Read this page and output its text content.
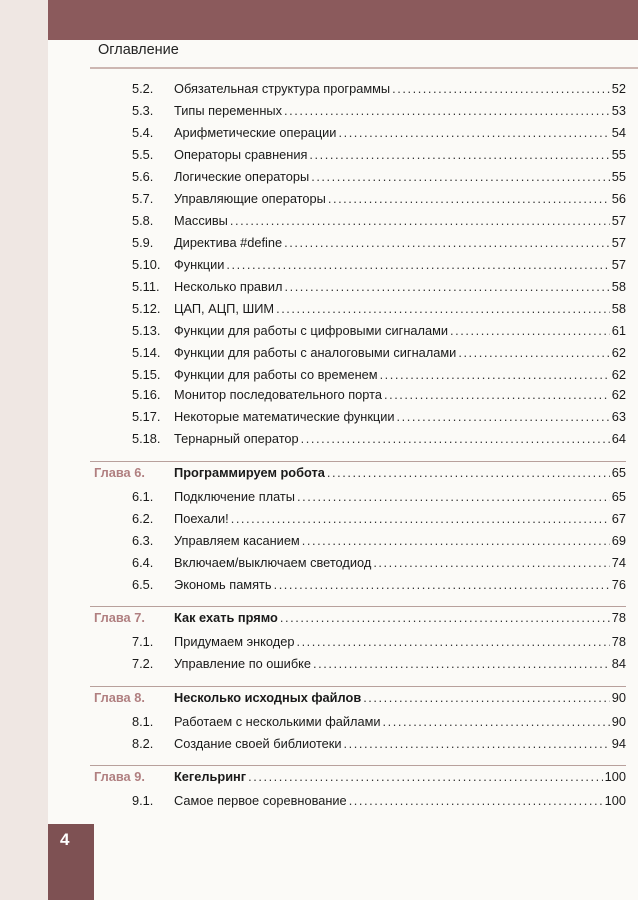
Оглавление
5.2.	Обязательная структура программы . . .	52
5.3.	Типы переменных . . .	53
5.4.	Арифметические операции . . .	54
5.5.	Операторы сравнения . . .	55
5.6.	Логические операторы . . .	55
5.7.	Управляющие операторы . . .	56
5.8.	Массивы . . .	57
5.9.	Директива #define . . .	57
5.10.	Функции . . .	57
5.11.	Несколько правил . . .	58
5.12.	ЦАП, АЦП, ШИМ . . .	58
5.13.	Функции для работы с цифровыми сигналами . . .	61
5.14.	Функции для работы с аналоговыми сигналами . . .	62
5.15.	Функции для работы со временем . . .	62
5.16.	Монитор последовательного порта . . .	62
5.17.	Некоторые математические функции . . .	63
5.18.	Тернарный оператор . . .	64
Глава 6.	Программируем робота . . .	65
6.1.	Подключение платы . . .	65
6.2.	Поехали! . . .	67
6.3.	Управляем касанием . . .	69
6.4.	Включаем/выключаем светодиод . . .	74
6.5.	Экономь память . . .	76
Глава 7.	Как ехать прямо . . .	78
7.1.	Придумаем энкодер . . .	78
7.2.	Управление по ошибке . . .	84
Глава 8.	Несколько исходных файлов . . .	90
8.1.	Работаем с несколькими файлами . . .	90
8.2.	Создание своей библиотеки . . .	94
Глава 9.	Кегельринг . . .	100
9.1.	Самое первое соревнование . . .	100
4
